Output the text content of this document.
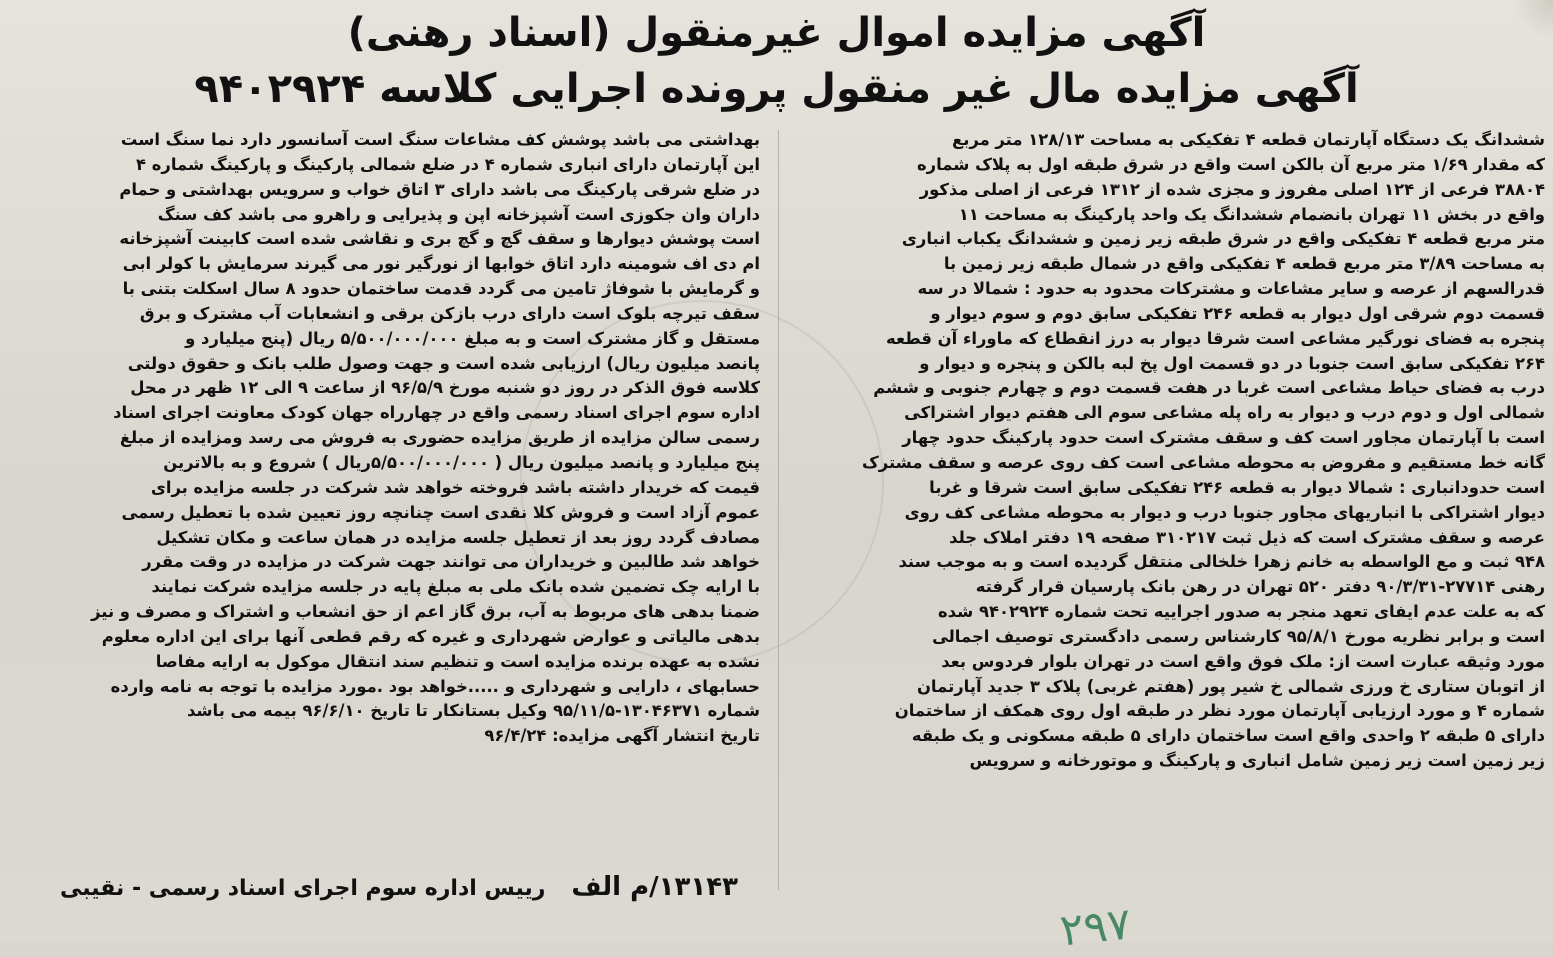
آگهی مزایده اموال غیرمنقول (اسناد رهنی)
آگهی مزایده مال غیر منقول پرونده اجرایی کلاسه ۹۴۰۲۹۲۴

ششدانگ یک دستگاه آپارتمان قطعه ۴ تفکیکی به مساحت ۱۲۸/۱۳ متر مربع

که مقدار ۱/۶۹ متر مربع آن بالکن است واقع در شرق طبقه اول به پلاک شماره

۳۸۸۰۴ فرعی از ۱۲۴ اصلی مفروز و مجزی شده از ۱۳۱۲ فرعی از اصلی مذکور

واقع در بخش ۱۱ تهران بانضمام ششدانگ یک واحد پارکینگ به مساحت ۱۱

متر مربع قطعه ۴ تفکیکی واقع در شرق طبقه زیر زمین و ششدانگ یکباب انباری

به مساحت ۳/۸۹ متر مربع قطعه ۴ تفکیکی واقع در شمال طبقه زیر زمین با

قدرالسهم از عرصه و سایر مشاعات و مشترکات محدود به حدود : شمالا در سه

قسمت دوم شرقی اول دیوار به قطعه ۲۴۶ تفکیکی سابق دوم و سوم دیوار و

پنجره به فضای نورگیر مشاعی است شرقا دیوار به درز انقطاع که ماوراء آن قطعه

۲۶۴ تفکیکی سابق است جنوبا در دو قسمت اول پخ لبه بالکن و پنجره و دیوار و

درب به فضای حیاط مشاعی است غربا در هفت قسمت دوم و چهارم جنوبی و ششم

شمالی اول و دوم درب و دیوار به راه پله مشاعی سوم الی هفتم دیوار اشتراکی

است با آپارتمان مجاور است کف و سقف مشترک است حدود پارکینگ حدود چهار

گانه خط مستقیم و مفروض به محوطه مشاعی است کف روی عرصه و سقف مشترک

است حدودانباری : شمالا دیوار به قطعه ۲۴۶ تفکیکی سابق است شرقا و غربا

دیوار اشتراکی با انباریهای مجاور جنوبا درب و دیوار به محوطه مشاعی کف روی

عرصه و سقف مشترک است که ذیل ثبت ۳۱۰۲۱۷ صفحه ۱۹ دفتر املاک جلد

۹۴۸ ثبت و مع الواسطه به خانم زهرا خلخالی منتقل گردیده است و به موجب سند

رهنی ۲۷۷۱۴-۹۰/۳/۳۱ دفتر ۵۲۰ تهران در رهن بانک پارسیان قرار گرفته

که به علت عدم ایفای تعهد منجر به صدور اجراییه تحت شماره ۹۴۰۲۹۲۴ شده

است و برابر نظریه مورخ ۹۵/۸/۱ کارشناس رسمی دادگستری توصیف اجمالی

مورد وثیقه عبارت است از: ملک فوق واقع است در تهران بلوار فردوس بعد

از اتوبان ستاری خ ورزی شمالی خ شیر پور (هفتم غربی) پلاک ۳ جدید آپارتمان

شماره ۴ و مورد ارزیابی آپارتمان مورد نظر در طبقه اول روی همکف از ساختمان

دارای ۵ طبقه ۲ واحدی واقع است ساختمان دارای ۵ طبقه مسکونی و یک طبقه

زیر زمین است زیر زمین شامل انباری و پارکینگ و موتورخانه و سرویس

بهداشتی می باشد پوشش کف مشاعات سنگ است آسانسور دارد نما سنگ است

این آپارتمان دارای انباری شماره ۴ در ضلع شمالی پارکینگ و پارکینگ شماره ۴

در ضلع شرقی پارکینگ می باشد دارای ۳ اتاق خواب و سرویس بهداشتی و حمام

داران وان جکوزی است آشپزخانه اپن و پذیرایی و راهرو می باشد کف سنگ

است پوشش دیوارها و سقف گچ و گچ بری و نقاشی شده است کابینت آشپزخانه

ام دی اف شومینه دارد اتاق خوابها از نورگیر نور می گیرند سرمایش با کولر ابی

و گرمایش با شوفاژ تامین می گردد قدمت ساختمان حدود ۸ سال اسکلت بتنی با

سقف تیرچه بلوک است دارای درب بازکن برقی و انشعابات آب مشترک و برق

مستقل و گاز مشترک است و به مبلغ ۵/۵۰۰/۰۰۰/۰۰۰ ریال (پنج میلیارد و

پانصد میلیون ریال) ارزیابی شده است و جهت وصول طلب بانک و حقوق دولتی

کلاسه فوق الذکر در روز دو شنبه مورخ ۹۶/۵/۹ از ساعت ۹ الی ۱۲ ظهر در محل

اداره سوم اجرای اسناد رسمی واقع در چهارراه جهان کودک معاونت اجرای اسناد

رسمی سالن مزایده از طریق مزایده حضوری به فروش می رسد ومزایده از مبلغ

پنج میلیارد و پانصد میلیون ریال ( ۵/۵۰۰/۰۰۰/۰۰۰ریال ) شروع و به بالاترین

قیمت که خریدار داشته باشد فروخته خواهد شد شرکت در جلسه مزایده برای

عموم آزاد است و فروش کلا نقدی است چنانچه روز تعیین شده با تعطیل رسمی

مصادف گردد روز بعد از تعطیل جلسه مزایده در همان ساعت و مکان تشکیل

خواهد شد طالبین و خریداران می توانند جهت شرکت در مزایده در وقت مقرر

با ارایه چک تضمین شده بانک ملی به مبلغ پایه در جلسه مزایده شرکت نمایند

ضمنا بدهی های مربوط به آب، برق گاز اعم از حق انشعاب و اشتراک و مصرف و نیز

بدهی مالیاتی و عوارض شهرداری و غیره که رقم قطعی آنها برای این اداره معلوم

نشده به عهده برنده مزایده است و تنظیم سند انتقال موکول به ارایه مفاصا

حسابهای ، دارایی و شهرداری و .....خواهد بود .مورد مزایده با توجه به نامه وارده

شماره ۱۳۰۴۶۳۷۱-۹۵/۱۱/۵ وکیل بستانکار تا تاریخ ۹۶/۶/۱۰ بیمه می باشد

تاریخ انتشار آگهی مزایده: ۹۶/۴/۲۴

۱۳۱۴۳/م الف
رییس اداره سوم اجرای اسناد رسمی - نقیبی
۲۹۷
